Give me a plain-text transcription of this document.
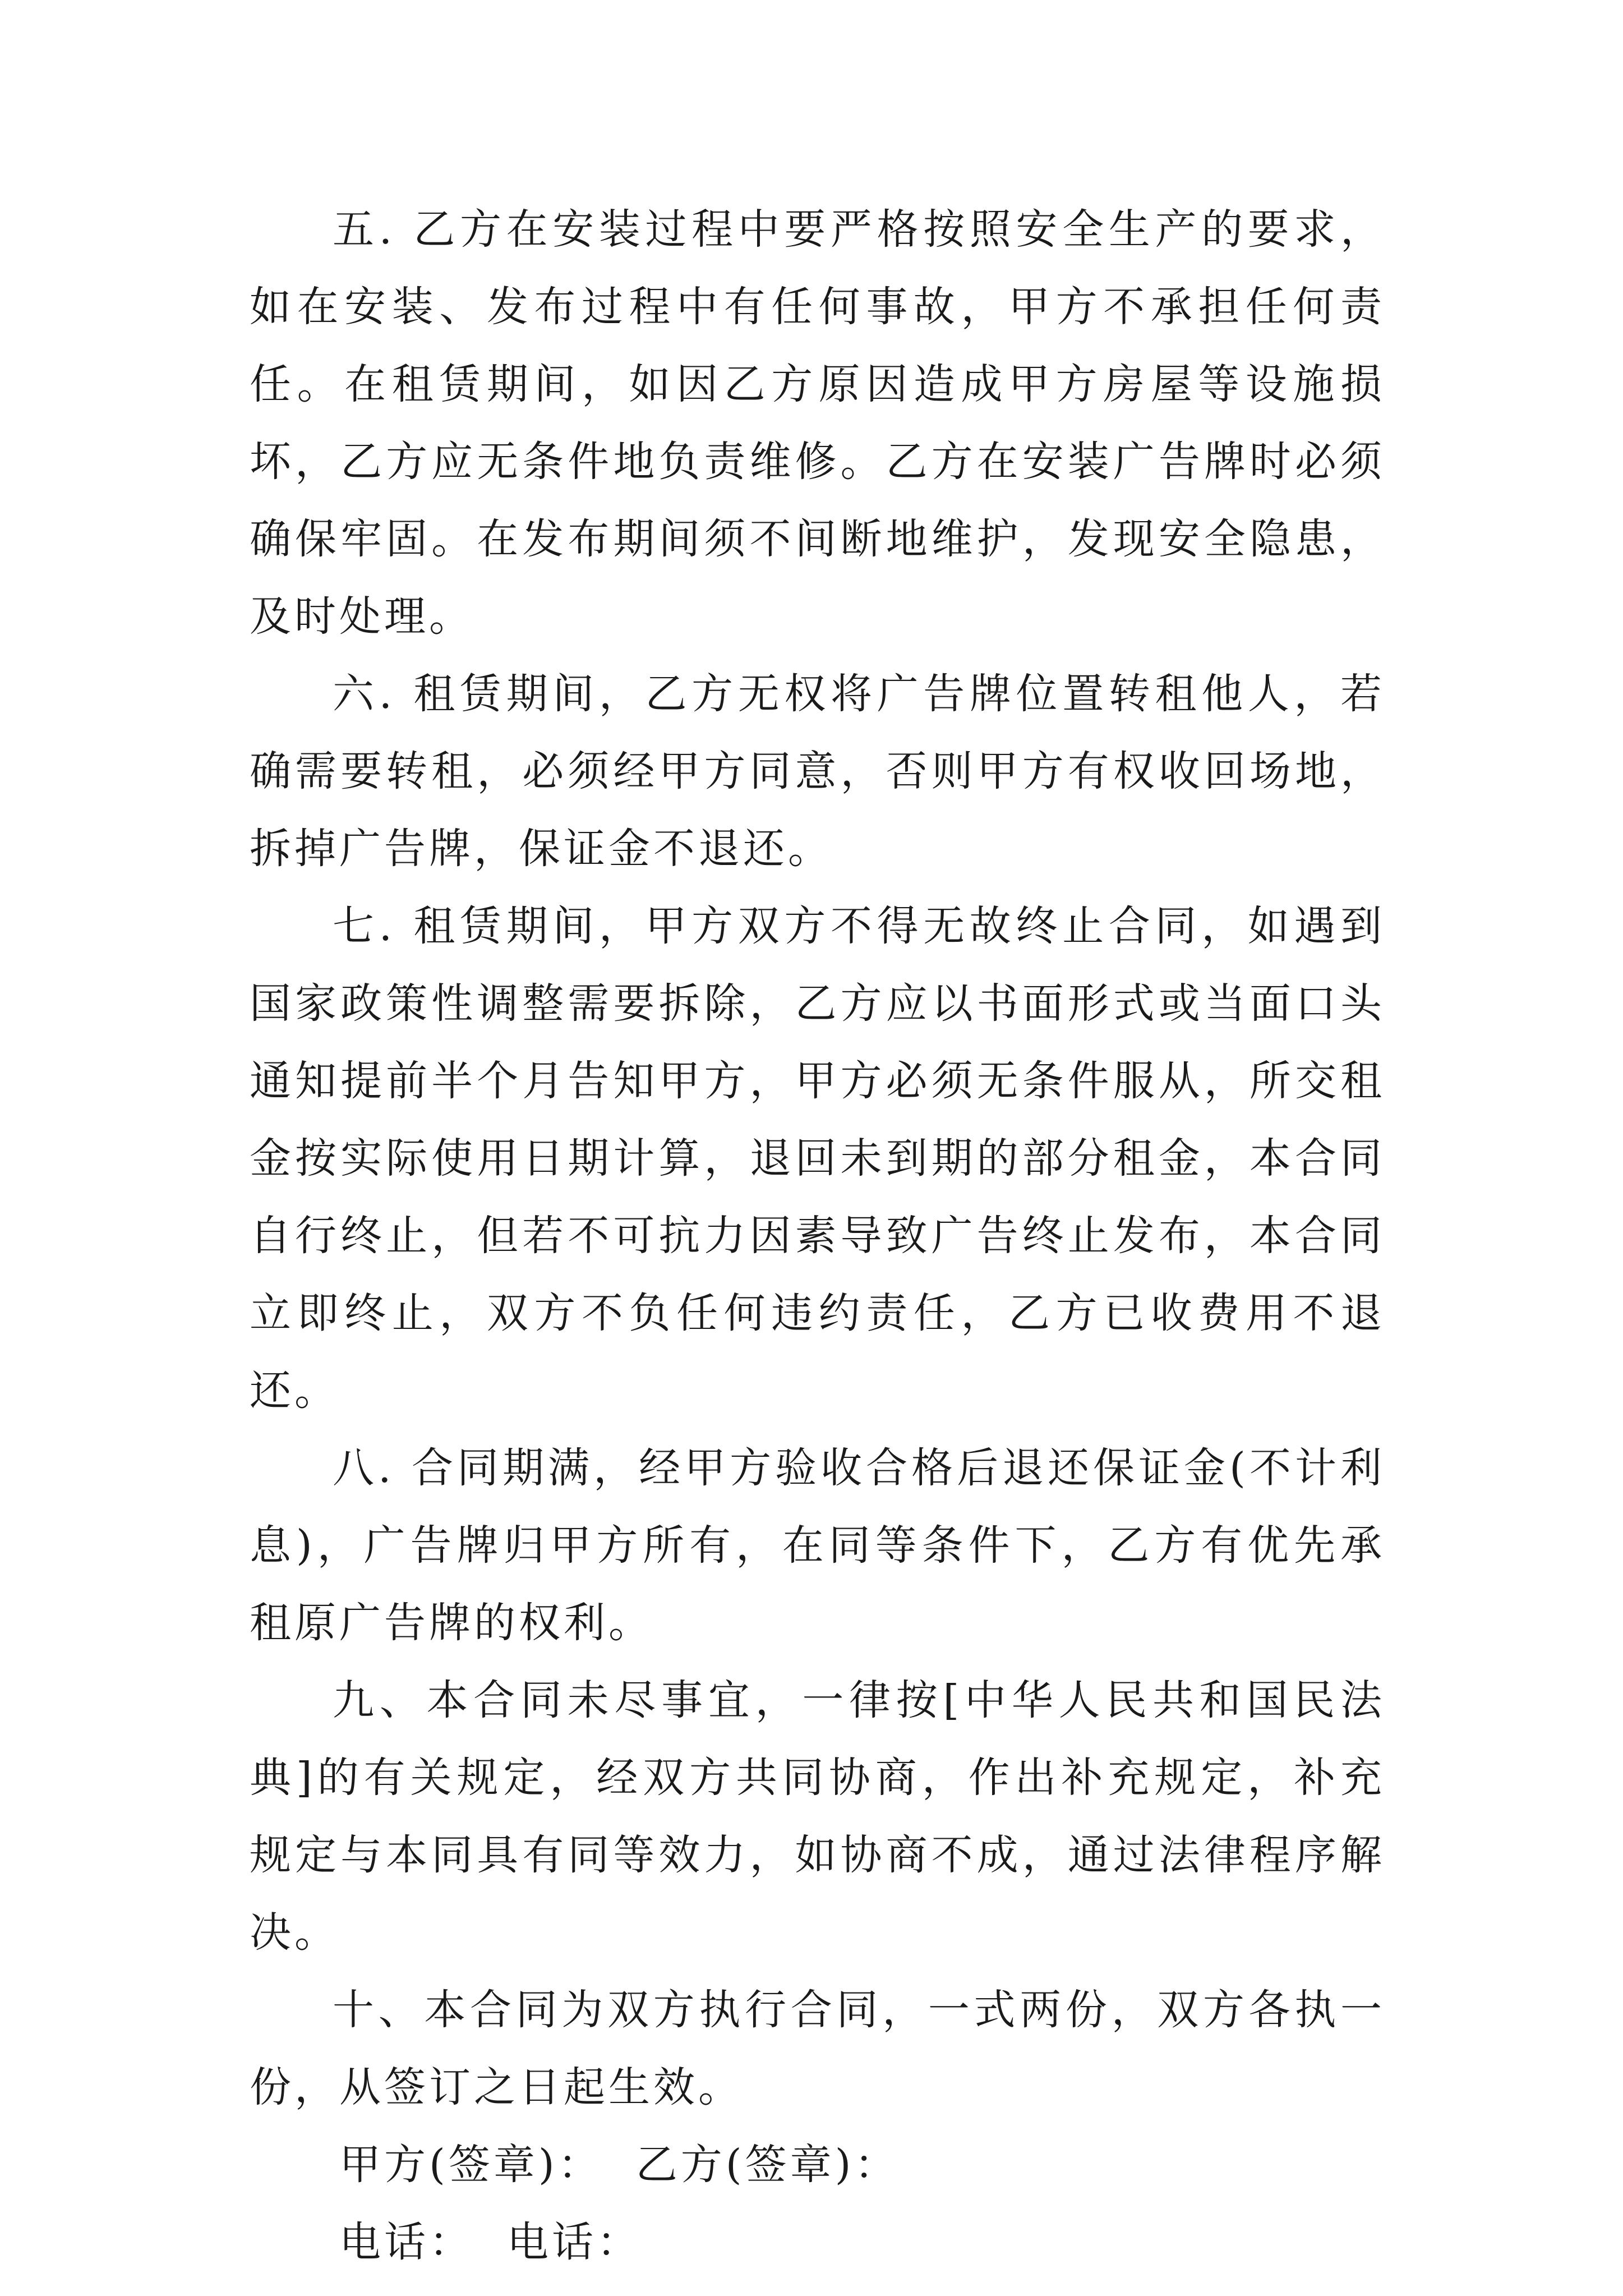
五. 乙方在安装过程中要严格按照安全生产的要求，如在安装、发布过程中有任何事故，甲方不承担任何责任。在租赁期间，如因乙方原因造成甲方房屋等设施损坏，乙方应无条件地负责维修。乙方在安装广告牌时必须确保牢固。在发布期间须不间断地维护，发现安全隐患，及时处理。

六. 租赁期间，乙方无权将广告牌位置转租他人，若确需要转租，必须经甲方同意，否则甲方有权收回场地，拆掉广告牌，保证金不退还。

七. 租赁期间，甲方双方不得无故终止合同，如遇到国家政策性调整需要拆除，乙方应以书面形式或当面口头通知提前半个月告知甲方，甲方必须无条件服从，所交租金按实际使用日期计算，退回未到期的部分租金，本合同自行终止，但若不可抗力因素导致广告终止发布，本合同立即终止，双方不负任何违约责任，乙方已收费用不退还。

八. 合同期满，经甲方验收合格后退还保证金(不计利息)，广告牌归甲方所有，在同等条件下，乙方有优先承租原广告牌的权利。

九、本合同未尽事宜，一律按[中华人民共和国民法典]的有关规定，经双方共同协商，作出补充规定，补充规定与本同具有同等效力，如协商不成，通过法律程序解决。

十、本合同为双方执行合同，一式两份，双方各执一份，从签订之日起生效。

甲方(签章)：  乙方(签章)：

电话：  电话：
